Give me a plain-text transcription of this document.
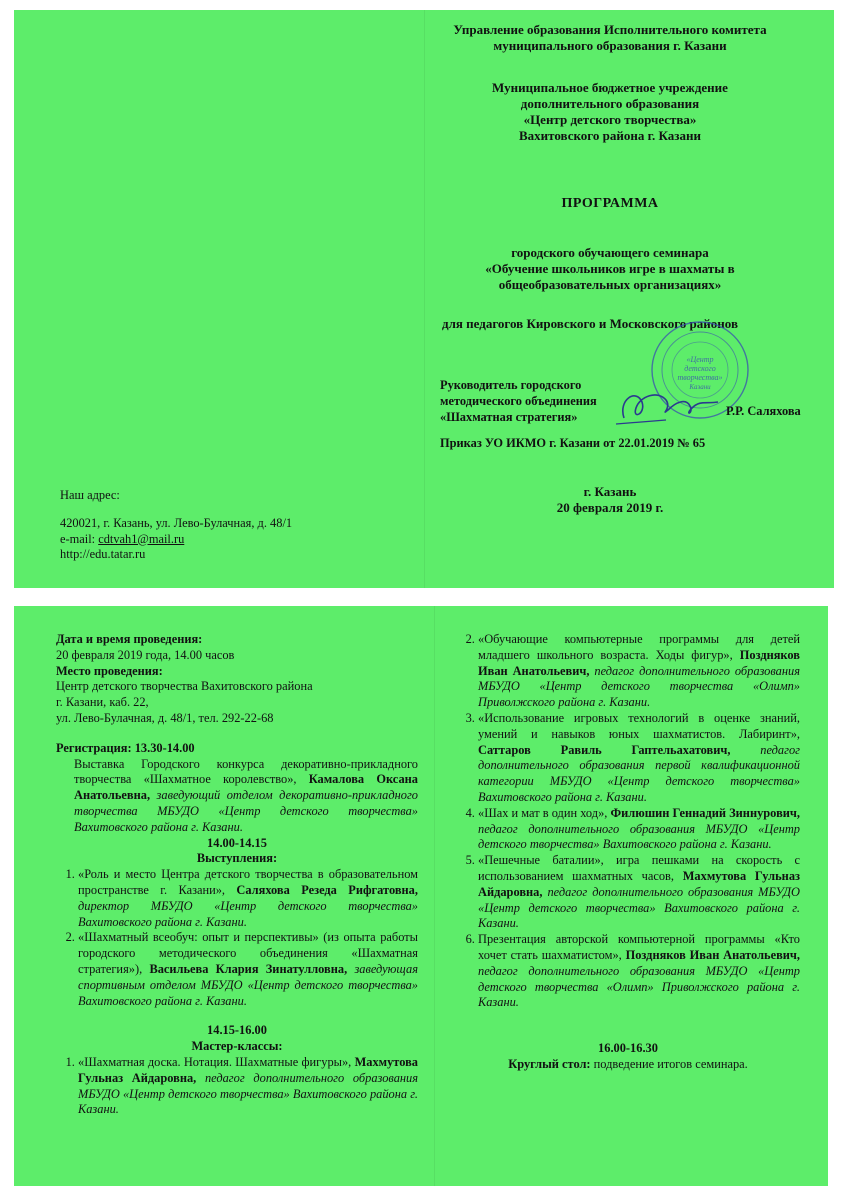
Управление образования Исполнительного комитета
муниципального образования г. Казани
Муниципальное бюджетное учреждение
дополнительного образования
«Центр детского творчества»
Вахитовского района г. Казани
ПРОГРАММА
городского обучающего семинара
«Обучение школьников игре в шахматы в
общеобразовательных организациях»
для педагогов Кировского и Московского районов
«Центр
детского
творчества»
Казани
Руководитель городского
методического объединения
«Шахматная стратегия»	Р.Р. Саляхова
Приказ УО ИКМО г. Казани от 22.01.2019 № 65
г. Казань
20 февраля 2019 г.
Наш адрес:
420021, г. Казань, ул. Лево-Булачная, д. 48/1
e-mail: cdtvah1@mail.ru
http://edu.tatar.ru
Дата и время проведения:
20 февраля 2019 года, 14.00 часов
Место проведения:
Центр детского творчества Вахитовского района
г. Казани, каб. 22,
ул. Лево-Булачная, д. 48/1, тел. 292-22-68
Регистрация: 13.30-14.00
Выставка Городского конкурса декоративно-прикладного творчества «Шахматное королевство», Камалова Оксана Анатольевна, заведующий отделом декоративно-прикладного творчества МБУДО «Центр детского творчества» Вахитовского района г. Казани.
14.00-14.15
Выступления:
1. «Роль и место Центра детского творчества в образовательном пространстве г. Казани», Саляхова Резеда Рифгатовна, директор МБУДО «Центр детского творчества» Вахитовского района г. Казани.
2. «Шахматный всеобуч: опыт и перспективы» (из опыта работы городского методического объединения «Шахматная стратегия»), Васильева Клария Зинатулловна, заведующая спортивным отделом МБУДО «Центр детского творчества» Вахитовского района г. Казани.
14.15-16.00
Мастер-классы:
1. «Шахматная доска. Нотация. Шахматные фигуры», Махмутова Гульназ Айдаровна, педагог дополнительного образования МБУДО «Центр детского творчества» Вахитовского района г. Казани.
2. «Обучающие компьютерные программы для детей младшего школьного возраста. Ходы фигур», Поздняков Иван Анатольевич, педагог дополнительного образования МБУДО «Центр детского творчества «Олимп» Приволжского района г. Казани.
3. «Использование игровых технологий в оценке знаний, умений и навыков юных шахматистов. Лабиринт», Саттаров Равиль Гаптельахатович, педагог дополнительного образования первой квалификационной категории МБУДО «Центр детского творчества» Вахитовского района г. Казани.
4. «Шах и мат в один ход», Филюшин Геннадий Зиннурович, педагог дополнительного образования МБУДО «Центр детского творчества» Вахитовского района г. Казани.
5. «Пешечные баталии», игра пешками на скорость с использованием шахматных часов, Махмутова Гульназ Айдаровна, педагог дополнительного образования МБУДО «Центр детского творчества» Вахитовского района г. Казани.
6. Презентация авторской компьютерной программы «Кто хочет стать шахматистом», Поздняков Иван Анатольевич, педагог дополнительного образования МБУДО «Центр детского творчества «Олимп» Приволжского района г. Казани.
16.00-16.30
Круглый стол: подведение итогов семинара.
